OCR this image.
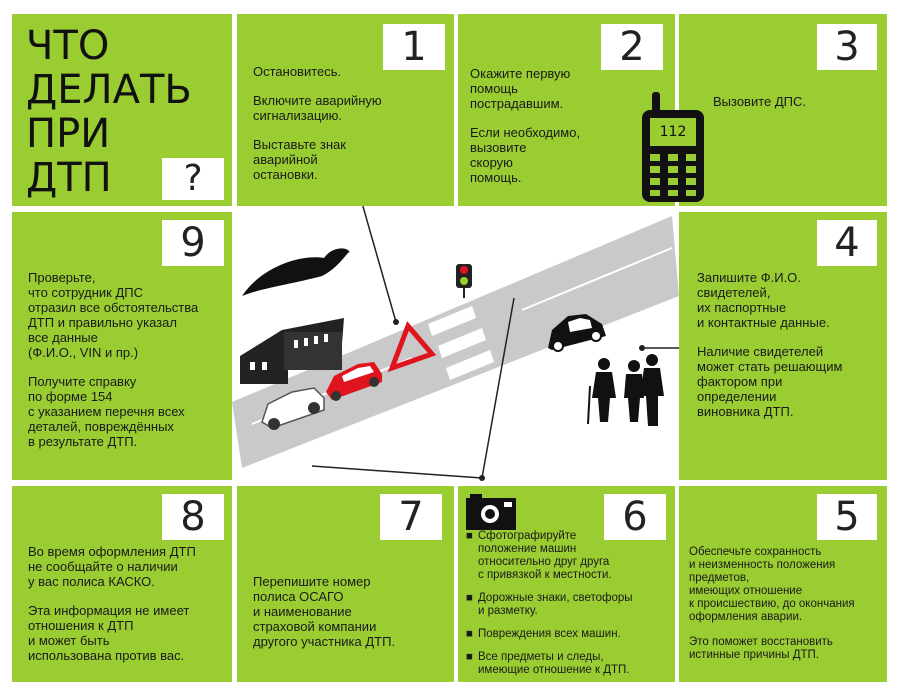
ЧТО
ДЕЛАТЬ
ПРИ
ДТП	?
1

Остановитесь.

Включите аварийную
сигнализацию.

Выставьте знак
аварийной
остановки.

2

Окажите первую
помощь
пострадавшим.

Если необходимо,
вызовите
скорую
помощь.

3

Вызовите ДПС.

9

Проверьте,
что сотрудник ДПС
отразил все обстоятельства
ДТП и правильно указал
все данные
(Ф.И.О., VIN и пр.)

Получите справку
по форме 154
с указанием перечня всех
деталей, повреждённых
в результате ДТП.

4

Запишите Ф.И.О.
свидетелей,
их паспортные
и контактные данные.

Наличие свидетелей
может стать решающим
фактором при
определении
виновника ДТП.

8

Во время оформления ДТП
не сообщайте о наличии
у вас полиса КАСКО.

Эта информация не имеет
отношения к ДТП
и может быть
использована против вас.

7

Перепишите номер
полиса ОСАГО
и наименование
страховой компании
другого участника ДТП.

6
■ Сфотографируйте
положение машин
относительно друг друга
с привязкой к местности.
■ Дорожные знаки, светофоры
и разметку.
■ Повреждения всех машин.
■ Все предметы и следы,
имеющие отношение к ДТП.
5

Обеспечьте сохранность
и неизменность положения
предметов,
имеющих отношение
к происшествию, до окончания
оформления аварии.

Это поможет восстановить
истинные причины ДТП.

112
